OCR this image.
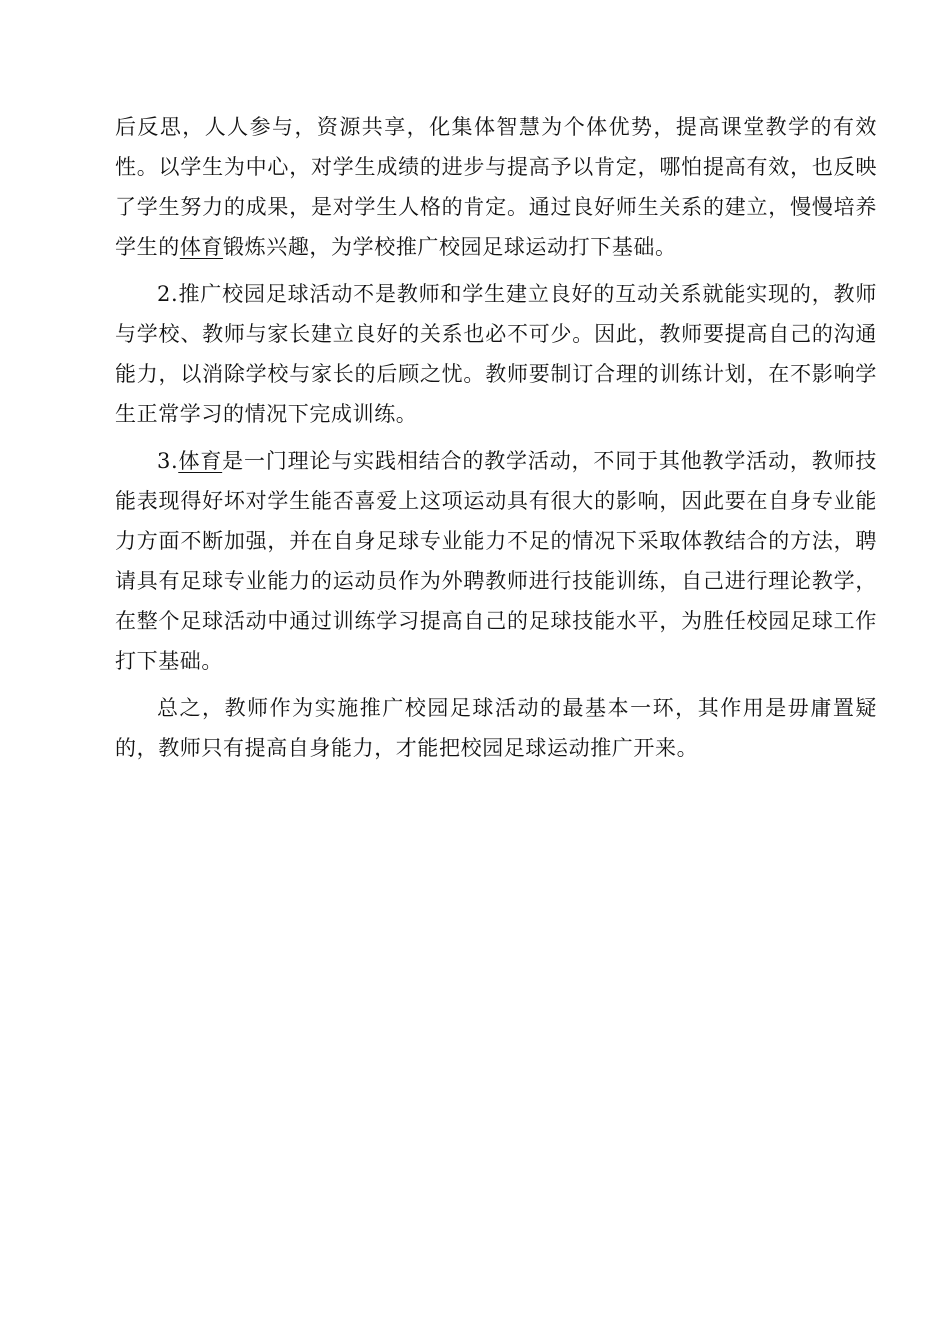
后反思，人人参与，资源共享，化集体智慧为个体优势，提高课堂教学的有效性。以学生为中心，对学生成绩的进步与提高予以肯定，哪怕提高有效，也反映了学生努力的成果，是对学生人格的肯定。通过良好师生关系的建立，慢慢培养学生的体育锻炼兴趣，为学校推广校园足球运动打下基础。

2.推广校园足球活动不是教师和学生建立良好的互动关系就能实现的，教师与学校、教师与家长建立良好的关系也必不可少。因此，教师要提高自己的沟通能力，以消除学校与家长的后顾之忧。教师要制订合理的训练计划，在不影响学生正常学习的情况下完成训练。

3.体育是一门理论与实践相结合的教学活动，不同于其他教学活动，教师技能表现得好坏对学生能否喜爱上这项运动具有很大的影响，因此要在自身专业能力方面不断加强，并在自身足球专业能力不足的情况下采取体教结合的方法，聘请具有足球专业能力的运动员作为外聘教师进行技能训练，自己进行理论教学，在整个足球活动中通过训练学习提高自己的足球技能水平，为胜任校园足球工作打下基础。

总之，教师作为实施推广校园足球活动的最基本一环，其作用是毋庸置疑的，教师只有提高自身能力，才能把校园足球运动推广开来。
